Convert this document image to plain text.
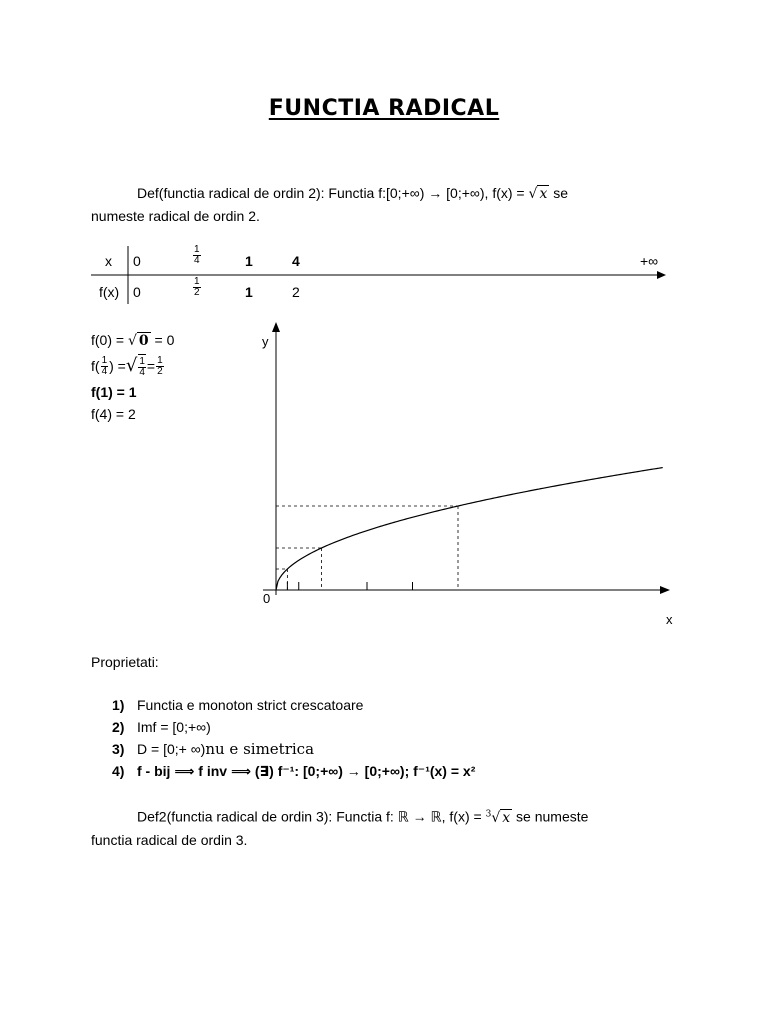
FUNCTIA RADICAL
Def(functia radical de ordin 2): Functia f:[0;+∞) → [0;+∞), f(x) = √ x se
numeste radical de ordin 2.
x 0	$\frac{1}{4}$	1	4	+∞
f(x) 0	$\frac{1}{2}$	1	2
f(0) = √ 0 = 0
$f( \frac{1}{4}$ ) = √ $\frac{1}{4} = \frac{1}{2}$
f(1) = 1
f(4) = 2
y
x
0
Proprietati:
1) Functia e monoton strict crescatoare
2) Imf = [0;+∞)
3) D = [0;+ ∞) nu e simetrica
4) f - bij ⟹ f inv ⟹ (∃) f⁻¹: [0;+∞) → [0;+∞); f⁻¹(x) = x²
Def2(functia radical de ordin 3): Functia f: ℝ → ℝ, f(x) = $^3$√ x se numeste
functia radical de ordin 3.
